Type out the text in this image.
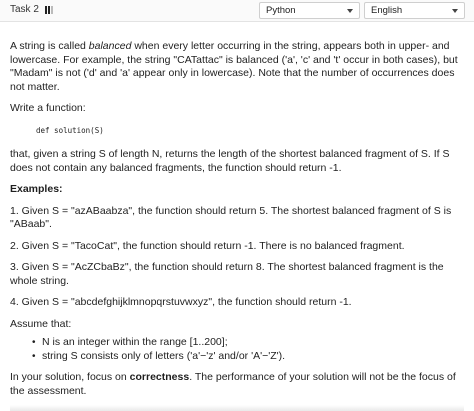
Task 2	Python	English

A string is called balanced when every letter occurring in the string, appears both in upper- and lowercase. For example, the string "CATattac" is balanced ('a', 'c' and 't' occur in both cases), but "Madam" is not ('d' and 'a' appear only in lowercase). Note that the number of occurrences does not matter.

Write a function:

def solution(S)

that, given a string S of length N, returns the length of the shortest balanced fragment of S. If S does not contain any balanced fragments, the function should return -1.

Examples:

1. Given S = "azABaabza", the function should return 5. The shortest balanced fragment of S is "ABaab".

2. Given S = "TacoCat", the function should return -1. There is no balanced fragment.

3. Given S = "AcZCbaBz", the function should return 8. The shortest balanced fragment is the whole string.

4. Given S = "abcdefghijklmnopqrstuvwxyz", the function should return -1.

Assume that:

• N is an integer within the range [1..200];
• string S consists only of letters ('a'−'z' and/or 'A'−'Z').

In your solution, focus on correctness. The performance of your solution will not be the focus of the assessment.
